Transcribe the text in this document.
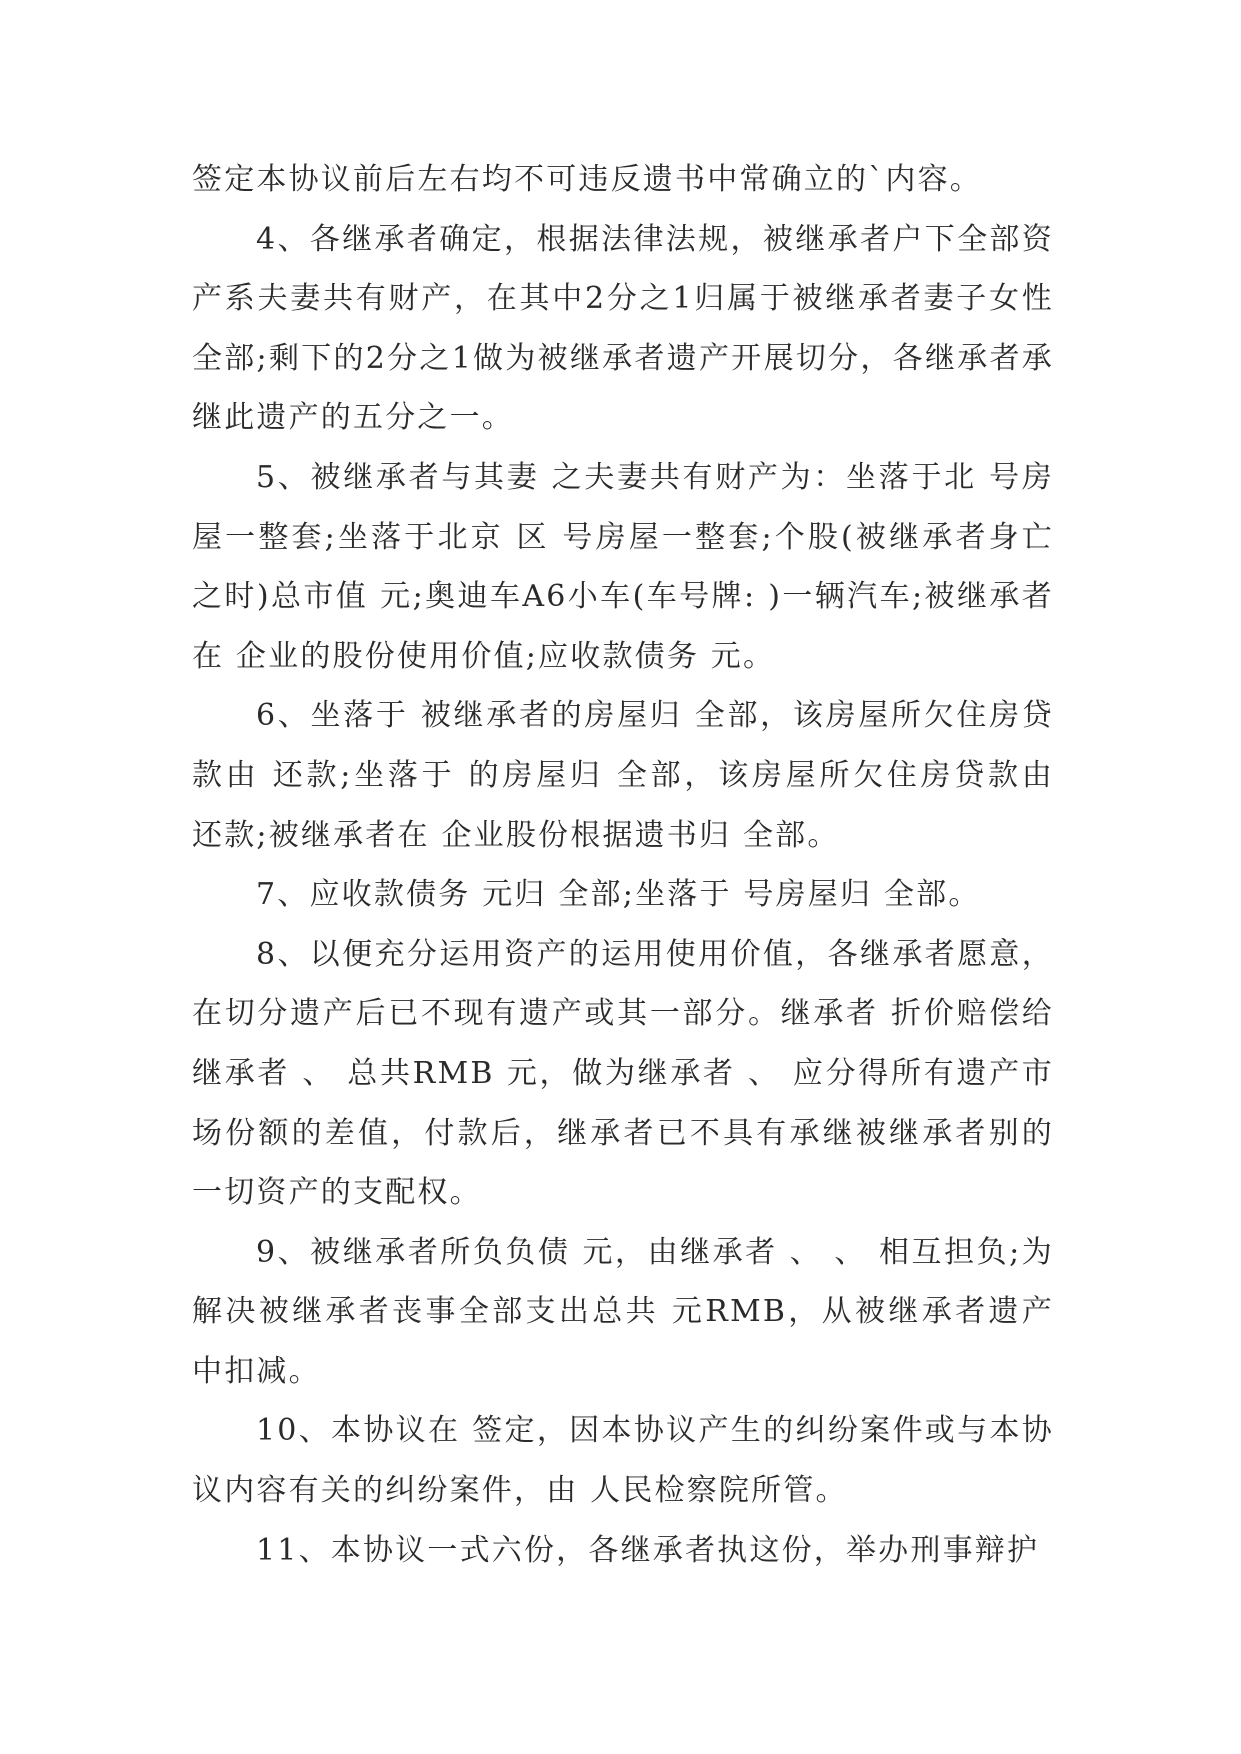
签定本协议前后左右均不可违反遗书中常确立的`内容。

4、各继承者确定，根据法律法规，被继承者户下全部资产系夫妻共有财产，在其中2分之1归属于被继承者妻子女性全部;剩下的2分之1做为被继承者遗产开展切分，各继承者承继此遗产的五分之一。

5、被继承者与其妻 之夫妻共有财产为：坐落于北 号房屋一整套;坐落于北京 区 号房屋一整套;个股(被继承者身亡之时)总市值 元;奥迪车A6小车(车号牌: )一辆汽车;被继承者在 企业的股份使用价值;应收款债务 元。

6、坐落于 被继承者的房屋归 全部，该房屋所欠住房贷款由 还款;坐落于 的房屋归 全部，该房屋所欠住房贷款由 还款;被继承者在 企业股份根据遗书归 全部。

7、应收款债务 元归 全部;坐落于 号房屋归 全部。

8、以便充分运用资产的运用使用价值，各继承者愿意，在切分遗产后已不现有遗产或其一部分。继承者 折价赔偿给继承者 、 总共RMB 元，做为继承者 、 应分得所有遗产市场份额的差值，付款后，继承者已不具有承继被继承者别的一切资产的支配权。

9、被继承者所负负债 元，由继承者 、 、 相互担负;为解决被继承者丧事全部支出总共 元RMB，从被继承者遗产中扣减。

10、本协议在 签定，因本协议产生的纠纷案件或与本协议内容有关的纠纷案件，由 人民检察院所管。

11、本协议一式六份，各继承者执这份，举办刑事辩护
